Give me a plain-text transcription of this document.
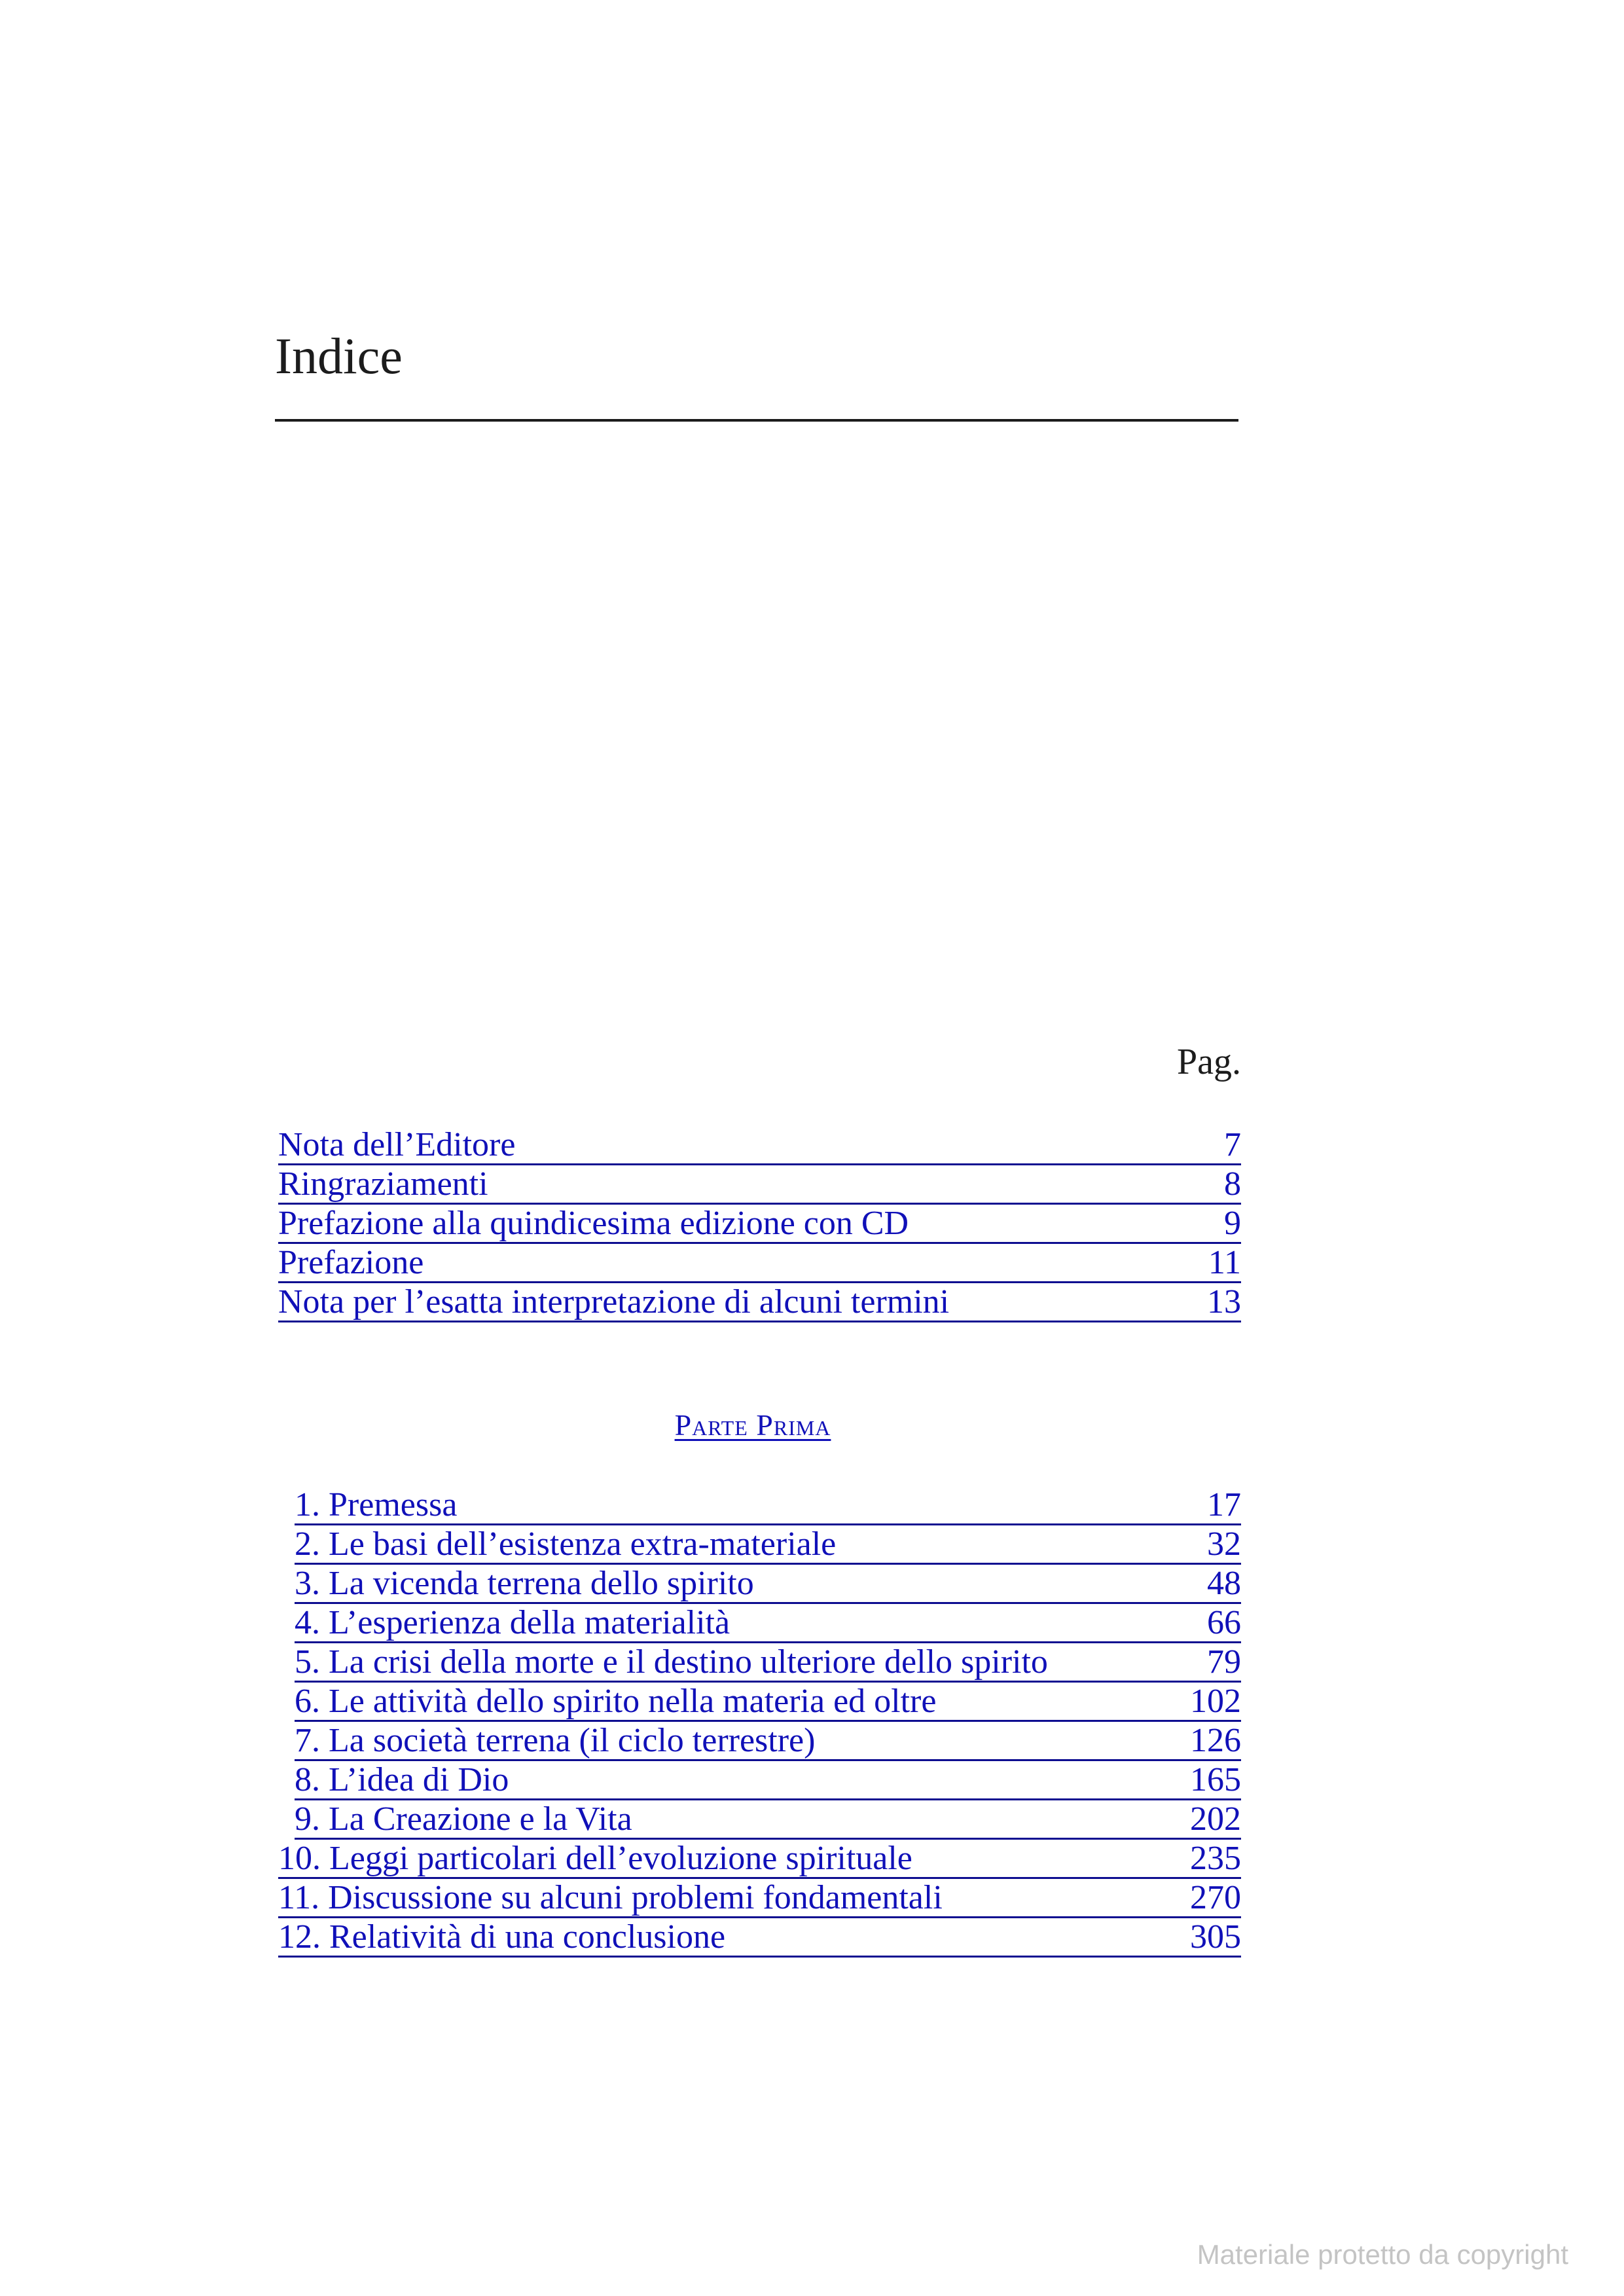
Indice
Pag.
Nota dell’Editore	7
Ringraziamenti	8
Prefazione alla quindicesima edizione con CD	9
Prefazione	11
Nota per l’esatta interpretazione di alcuni termini	13
Parte Prima
1. Premessa	17
2. Le basi dell’esistenza extra-materiale	32
3. La vicenda terrena dello spirito	48
4. L’esperienza della materialità	66
5. La crisi della morte e il destino ulteriore dello spirito	79
6. Le attività dello spirito nella materia ed oltre	102
7. La società terrena (il ciclo terrestre)	126
8. L’idea di Dio	165
9. La Creazione e la Vita	202
10. Leggi particolari dell’evoluzione spirituale	235
11. Discussione su alcuni problemi fondamentali	270
12. Relatività di una conclusione	305
Materiale protetto da copyright
